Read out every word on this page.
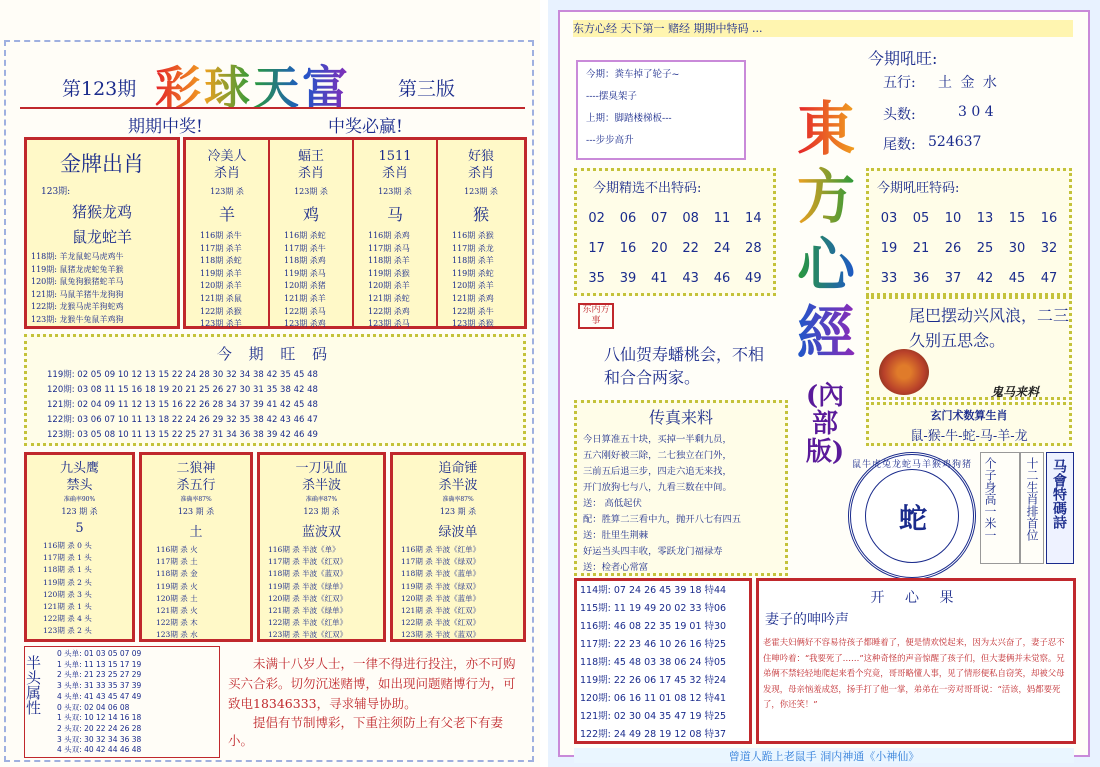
第123期 彩球天富 第三版
期期中奖!	中奖必赢!
金牌出肖
123期:
猪猴龙鸡
鼠龙蛇羊
118期: 羊龙鼠蛇马虎鸡牛
119期: 鼠猪龙虎蛇兔羊猴
120期: 鼠兔狗猴猪蛇羊马
121期: 马鼠羊猪牛龙狗狗
122期: 龙猴马虎羊狗蛇鸡
123期: 龙猴牛兔鼠羊鸡狗
冷美人
杀肖
123期 杀
羊
116期 杀牛
117期 杀羊
118期 杀蛇
119期 杀羊
120期 杀羊
121期 杀鼠
122期 杀猴
123期 杀羊
蝠王
杀肖
123期 杀
鸡
116期 杀蛇
117期 杀牛
118期 杀鸡
119期 杀马
120期 杀猪
121期 杀羊
122期 杀马
123期 杀鸡
1511
杀肖
123期 杀
马
116期 杀鸡
117期 杀马
118期 杀羊
119期 杀猴
120期 杀羊
121期 杀蛇
122期 杀鸡
123期 杀马
好狼
杀肖
123期 杀
猴
116期 杀猴
117期 杀龙
118期 杀羊
119期 杀蛇
120期 杀羊
121期 杀鸡
122期 杀牛
123期 杀猴
今 期 旺 码
119期: 02 05 09 10 12 13 15 22 24 28 30 32 34 38 42 35 45 48
120期: 03 08 11 15 16 18 19 20 21 25 26 27 30 31 35 38 42 48
121期: 02 04 09 11 12 13 15 16 22 26 28 34 37 39 41 42 45 48
122期: 03 06 07 10 11 13 18 22 24 26 29 32 35 38 42 43 46 47
123期: 03 05 08 10 11 13 15 22 25 27 31 34 36 38 39 42 46 49
九头鹰
禁头
准确率90%
123 期 杀
5
116期 杀 0 头
117期 杀 1 头
118期 杀 1 头
119期 杀 2 头
120期 杀 3 头
121期 杀 1 头
122期 杀 4 头
123期 杀 2 头
二狼神
杀五行
准确率87%
123 期 杀
土
116期 杀 火
117期 杀 土
118期 杀 金
119期 杀 火
120期 杀 土
121期 杀 火
122期 杀 木
123期 杀 水
一刀见血
杀半波
准确率87%
123 期 杀
蓝波双
116期 杀 半波《单》
117期 杀 半波《红双》
118期 杀 半波《蓝双》
119期 杀 半波《绿单》
120期 杀 半波《红双》
121期 杀 半波《绿单》
122期 杀 半波《红单》
123期 杀 半波《红双》
追命锤
杀半波
准确率87%
123 期 杀
绿波单
116期 杀 半波《红单》
117期 杀 半波《绿双》
118期 杀 半波《蓝单》
119期 杀 半波《绿双》
120期 杀 半波《蓝单》
121期 杀 半波《红双》
122期 杀 半波《红双》
123期 杀 半波《蓝双》
半头属性
0 头单: 01 03 05 07 09
1 头单: 11 13 15 17 19
2 头单: 21 23 25 27 29
3 头单: 31 33 35 37 39
4 头单: 41 43 45 47 49
0 头双: 02 04 06 08
1 头双: 10 12 14 16 18
2 头双: 20 22 24 26 28
3 头双: 30 32 34 36 38
4 头双: 40 42 44 46 48
未满十八岁人士，一律不得进行投注，亦不可购买六合彩。切勿沉迷赌博，如出现问题赌博行为，可致电18346333，寻求辅导协助。
提倡有节制博彩，下重注须防上有父老下有妻小。
东方心经 天下第一 赌经 期期中特码 ...
今期：粪车掉了轮子~
----摆臭架子
上期：脚踏楼梯板---
---步步高升	東方心經
(內部版)
今期吼旺:
五行: 土 金 水
头数:	3 0 4
尾数: 524637
今期精选不出特码:
02	06	07	08	11	14
17	16	20	22	24	28
35	39	41	43	46	49
今期吼旺特码:
03	05	10	13	15	16
19	21	26	25	30	32
33	36	37	42	45	47
尾巴摆动兴风浪，二三久别五思念。
鬼马来料
东内方事
八仙贺寿蟠桃会，不相和合合两家。
玄门术数算生肖
鼠-猴-牛-蛇-马-羊-龙
传真来料
今日算准五十块，买掉一半剩九员，
五六刚好被三除，二七独立在门外，
三前五后退三步，四走六追无来找，
开门放狗七与八，九看三数在中间。
送： 高低起伏
配：胜算二三看中九，抛开八七有四五
送：肚里生荆棘
好运当头四丰收，零跃龙门福禄寿
送：检者心常富
鼠牛虎兔龙蛇马羊猴鸡狗猪
蛇	个子身高一米一 十二生肖排首位 马會特碼詩
114期: 07 24 26 45 39 18 特44
115期: 11 19 49 20 02 33 特06
116期: 46 08 22 35 19 01 特30
117期: 22 23 46 10 26 16 特25
118期: 45 48 03 38 06 24 特05
119期: 22 26 06 17 45 32 特24
120期: 06 16 11 01 08 12 特41
121期: 02 30 04 35 47 19 特25
122期: 24 49 28 19 12 08 特37
开 心 果
妻子的呻吟声
老霍夫妇俩好不容易待孩子都睡着了，便是情欢悦起来，因为太兴奋了，妻子忍不住呻吟着：“我要死了……”这种奇怪的声音惊醒了孩子们，但大妻俩并未觉察。兄弟俩不禁轻轻地爬起来看个究竟，哥哥略懂人事，见了情形便私自窃笑，却被父母发现，母亲恼羞成怒，扬手打了他一掌，弟弟在一旁对哥哥说：“活该，妈都要死了，你还笑！”
曾道人跪上老鼠手 洞内神通《小神仙》
